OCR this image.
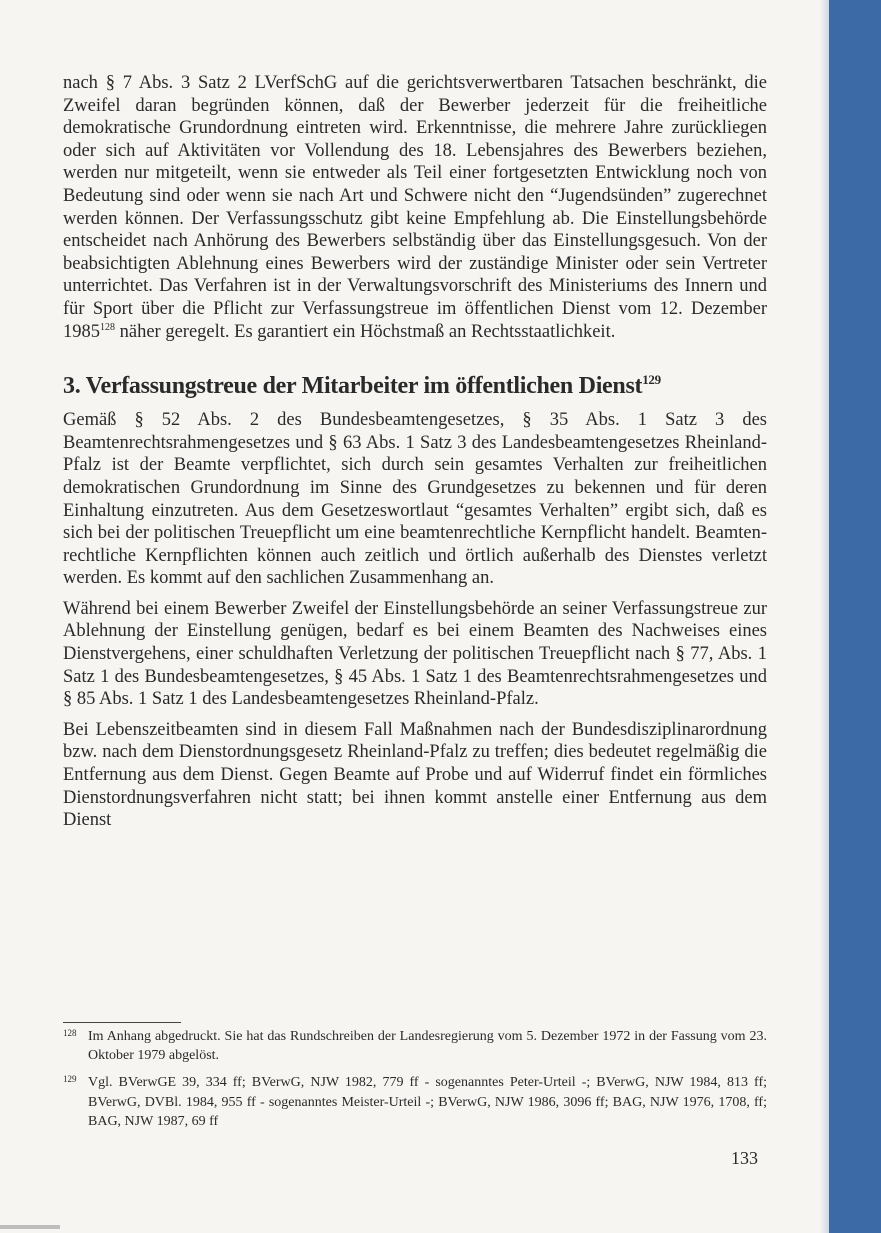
nach § 7 Abs. 3 Satz 2 LVerfSchG auf die gerichtsverwertbaren Tatsachen beschränkt, die Zweifel daran begründen können, daß der Bewerber jederzeit für die freiheitliche demokratische Grundordnung eintreten wird. Erkenntnisse, die mehrere Jahre zurückliegen oder sich auf Aktivitäten vor Vollendung des 18. Lebensjahres des Bewerbers beziehen, werden nur mitgeteilt, wenn sie entweder als Teil einer fortgesetzten Entwicklung noch von Bedeutung sind oder wenn sie nach Art und Schwere nicht den “Jugendsünden” zugerechnet werden können. Der Verfassungsschutz gibt keine Empfehlung ab. Die Einstellungsbehörde entscheidet nach Anhörung des Bewerbers selbständig über das Einstellungsgesuch. Von der beabsichtigten Ablehnung eines Bewerbers wird der zuständige Minister oder sein Vertreter unterrichtet. Das Verfahren ist in der Verwaltungsvorschrift des Ministeriums des Innern und für Sport über die Pflicht zur Verfassungstreue im öffentlichen Dienst vom 12. Dezember 1985$^{128}$ näher geregelt. Es garantiert ein Höchstmaß an Rechtsstaatlichkeit.

3. Verfassungstreue der Mitarbeiter im öffentlichen Dienst$^{129}$

Gemäß § 52 Abs. 2 des Bundesbeamtengesetzes, § 35 Abs. 1 Satz 3 des Beamtenrechtsrahmengesetzes und § 63 Abs. 1 Satz 3 des Landesbeamtengesetzes Rheinland-Pfalz ist der Beamte verpflichtet, sich durch sein gesamtes Verhalten zur freiheitlichen demokratischen Grundordnung im Sinne des Grundgesetzes zu bekennen und für deren Einhaltung einzutreten. Aus dem Gesetzeswortlaut “gesamtes Verhalten” ergibt sich, daß es sich bei der politischen Treuepflicht um eine beamtenrechtliche Kernpflicht handelt. Beamtenrechtliche Kernpflichten können auch zeitlich und örtlich außerhalb des Dienstes verletzt werden. Es kommt auf den sachlichen Zusammenhang an.

Während bei einem Bewerber Zweifel der Einstellungsbehörde an seiner Verfassungstreue zur Ablehnung der Einstellung genügen, bedarf es bei einem Beamten des Nachweises eines Dienstvergehens, einer schuldhaften Verletzung der politischen Treuepflicht nach § 77, Abs. 1 Satz 1 des Bundesbeamtengesetzes, § 45 Abs. 1 Satz 1 des Beamtenrechtsrahmengesetzes und § 85 Abs. 1 Satz 1 des Landesbeamtengesetzes Rheinland-Pfalz.

Bei Lebenszeitbeamten sind in diesem Fall Maßnahmen nach der Bundesdisziplinarordnung bzw. nach dem Dienstordnungsgesetz Rheinland-Pfalz zu treffen; dies bedeutet regelmäßig die Entfernung aus dem Dienst. Gegen Beamte auf Probe und auf Widerruf findet ein förmliches Dienstordnungsverfahren nicht statt; bei ihnen kommt anstelle einer Entfernung aus dem Dienst

128 Im Anhang abgedruckt. Sie hat das Rundschreiben der Landesregierung vom 5. Dezember 1972 in der Fassung vom 23. Oktober 1979 abgelöst.
129 Vgl. BVerwGE 39, 334 ff; BVerwG, NJW 1982, 779 ff - sogenanntes Peter-Urteil -; BVerwG, NJW 1984, 813 ff; BVerwG, DVBl. 1984, 955 ff - sogenanntes Meister-Urteil -; BVerwG, NJW 1986, 3096 ff; BAG, NJW 1976, 1708, ff; BAG, NJW 1987, 69 ff
133
